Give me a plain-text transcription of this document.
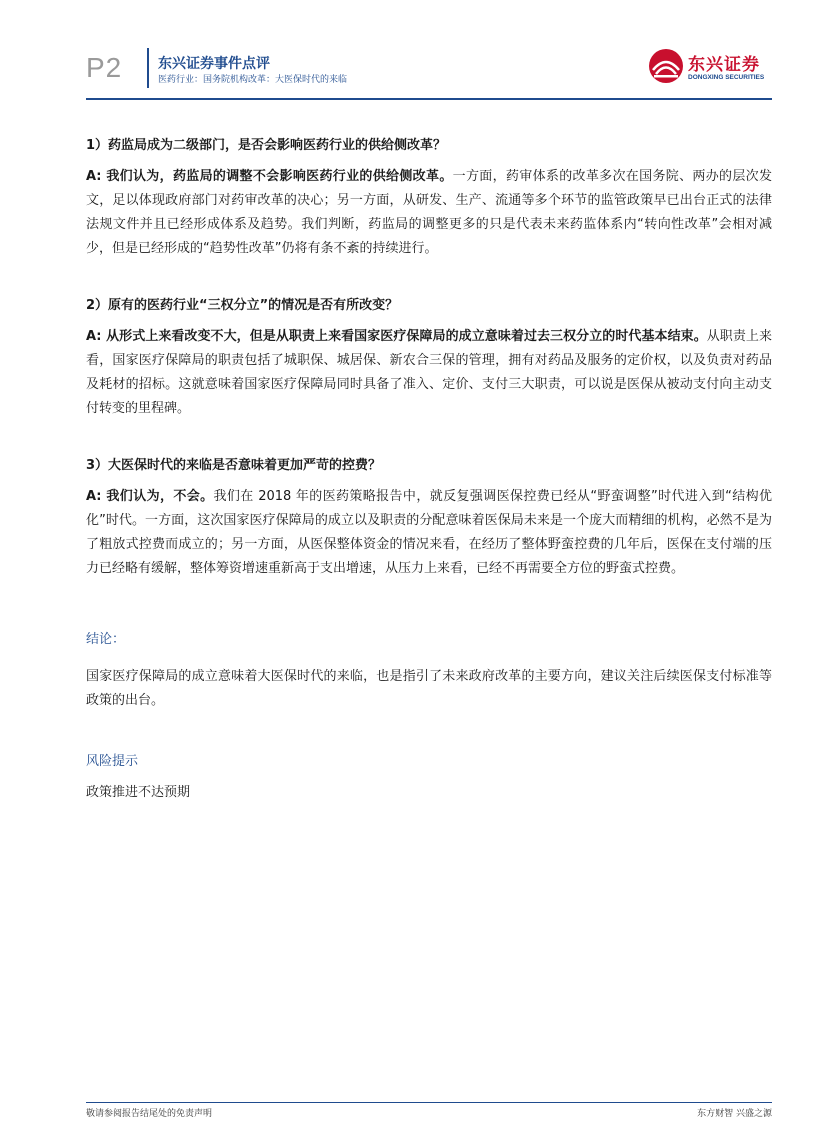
P2	东兴证券事件点评
医药行业：国务院机构改革：大医保时代的来临
东兴证券
DONGXING SECURITIES

1）药监局成为二级部门，是否会影响医药行业的供给侧改革？

A: 我们认为，药监局的调整不会影响医药行业的供给侧改革。一方面，药审体系的改革多次在国务院、两办的层次发文，足以体现政府部门对药审改革的决心；另一方面，从研发、生产、流通等多个环节的监管政策早已出台正式的法律法规文件并且已经形成体系及趋势。我们判断，药监局的调整更多的只是代表未来药监体系内“转向性改革”会相对减少，但是已经形成的“趋势性改革”仍将有条不紊的持续进行。

2）原有的医药行业“三权分立”的情况是否有所改变？

A: 从形式上来看改变不大，但是从职责上来看国家医疗保障局的成立意味着过去三权分立的时代基本结束。从职责上来看，国家医疗保障局的职责包括了城职保、城居保、新农合三保的管理，拥有对药品及服务的定价权，以及负责对药品及耗材的招标。这就意味着国家医疗保障局同时具备了准入、定价、支付三大职责，可以说是医保从被动支付向主动支付转变的里程碑。

3）大医保时代的来临是否意味着更加严苛的控费？

A: 我们认为，不会。我们在 2018 年的医药策略报告中，就反复强调医保控费已经从“野蛮调整”时代进入到“结构优化”时代。一方面，这次国家医疗保障局的成立以及职责的分配意味着医保局未来是一个庞大而精细的机构，必然不是为了粗放式控费而成立的；另一方面，从医保整体资金的情况来看，在经历了整体野蛮控费的几年后，医保在支付端的压力已经略有缓解，整体筹资增速重新高于支出增速，从压力上来看，已经不再需要全方位的野蛮式控费。

结论：

国家医疗保障局的成立意味着大医保时代的来临，也是指引了未来政府改革的主要方向，建议关注后续医保支付标准等政策的出台。

风险提示

政策推进不达预期

敬请参阅报告结尾处的免责声明	东方财智 兴盛之源
